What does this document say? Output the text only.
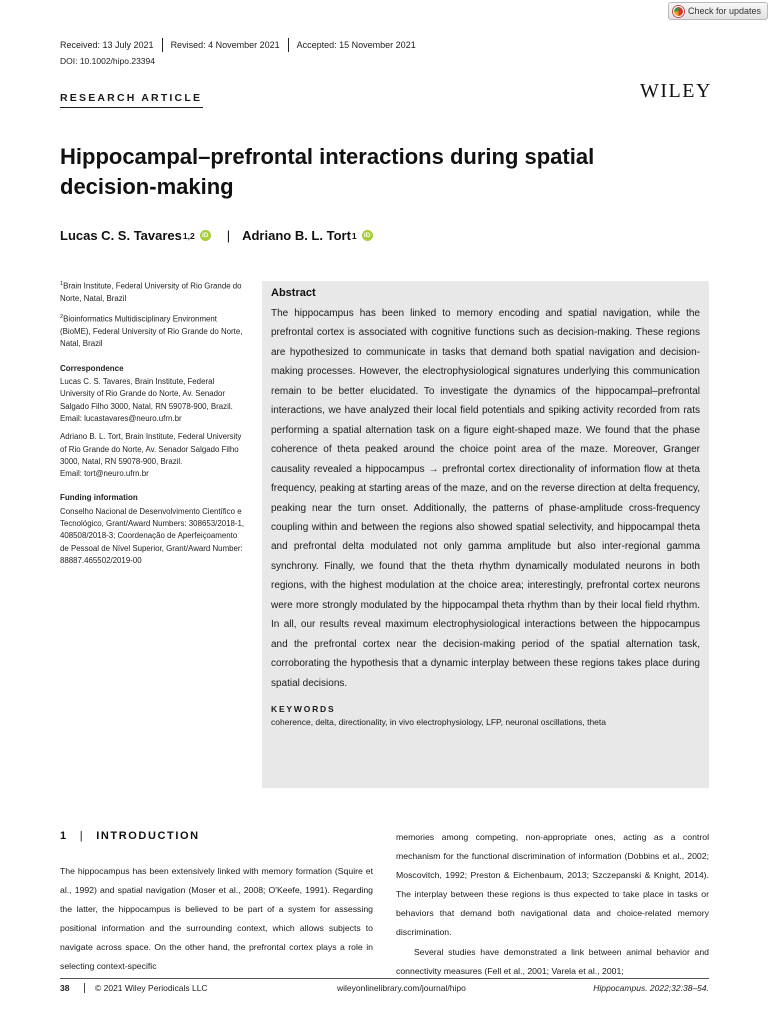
Check for updates
Received: 13 July 2021	Revised: 4 November 2021	Accepted: 15 November 2021
DOI: 10.1002/hipo.23394
RESEARCH ARTICLE	WILEY
Hippocampal–prefrontal interactions during spatial decision-making
Lucas C. S. Tavares 1,2	iD | Adriano B. L. Tort 1	iD

$^1$Brain Institute, Federal University of Rio Grande do Norte, Natal, Brazil

$^2$Bioinformatics Multidisciplinary Environment (BioME), Federal University of Rio Grande do Norte, Natal, Brazil

Correspondence

Lucas C. S. Tavares, Brain Institute, Federal University of Rio Grande do Norte, Av. Senador Salgado Filho 3000, Natal, RN 59078-900, Brazil.
Email: lucastavares@neuro.ufrn.br

Adriano B. L. Tort, Brain Institute, Federal University of Rio Grande do Norte, Av. Senador Salgado Filho 3000, Natal, RN 59078-900, Brazil.
Email: tort@neuro.ufrn.br

Funding information

Conselho Nacional de Desenvolvimento Científico e Tecnológico, Grant/Award Numbers: 308653/2018-1, 408508/2018-3; Coordenação de Aperfeiçoamento de Pessoal de Nível Superior, Grant/Award Number: 88887.465502/2019-00

Abstract

The hippocampus has been linked to memory encoding and spatial navigation, while the prefrontal cortex is associated with cognitive functions such as decision-making. These regions are hypothesized to communicate in tasks that demand both spatial navigation and decision-making processes. However, the electrophysiological signatures underlying this communication remain to be better elucidated. To investigate the dynamics of the hippocampal–prefrontal interactions, we have analyzed their local field potentials and spiking activity recorded from rats performing a spatial alternation task on a figure eight-shaped maze. We found that the phase coherence of theta peaked around the choice point area of the maze. Moreover, Granger causality revealed a hippocampus → prefrontal cortex directionality of information flow at theta frequency, peaking at starting areas of the maze, and on the reverse direction at delta frequency, peaking near the turn onset. Additionally, the patterns of phase-amplitude cross-frequency coupling within and between the regions also showed spatial selectivity, and hippocampal theta and prefrontal delta modulated not only gamma amplitude but also inter-regional gamma synchrony. Finally, we found that the theta rhythm dynamically modulated neurons in both regions, with the highest modulation at the choice area; interestingly, prefrontal cortex neurons were more strongly modulated by the hippocampal theta rhythm than by their local field rhythm. In all, our results reveal maximum electrophysiological interactions between the hippocampus and the prefrontal cortex near the decision-making period of the spatial alternation task, corroborating the hypothesis that a dynamic interplay between these regions takes place during spatial decisions.

KEYWORDS
coherence, delta, directionality, in vivo electrophysiology, LFP, neuronal oscillations, theta
1 | INTRODUCTION

The hippocampus has been extensively linked with memory formation (Squire et al., 1992) and spatial navigation (Moser et al., 2008; O'Keefe, 1991). Regarding the latter, the hippocampus is believed to be part of a system for assessing positional information and the surrounding context, which allows subjects to navigate across space. On the other hand, the prefrontal cortex plays a role in selecting context-specific

memories among competing, non-appropriate ones, acting as a control mechanism for the functional discrimination of information (Dobbins et al., 2002; Moscovitch, 1992; Preston & Eichenbaum, 2013; Szczepanski & Knight, 2014). The interplay between these regions is thus expected to take place in tasks or behaviors that demand both navigational data and choice-related memory discrimination.

Several studies have demonstrated a link between animal behavior and connectivity measures (Fell et al., 2001; Varela et al., 2001;

38	© 2021 Wiley Periodicals LLC	wileyonlinelibrary.com/journal/hipo	Hippocampus. 2022;32:38–54.
